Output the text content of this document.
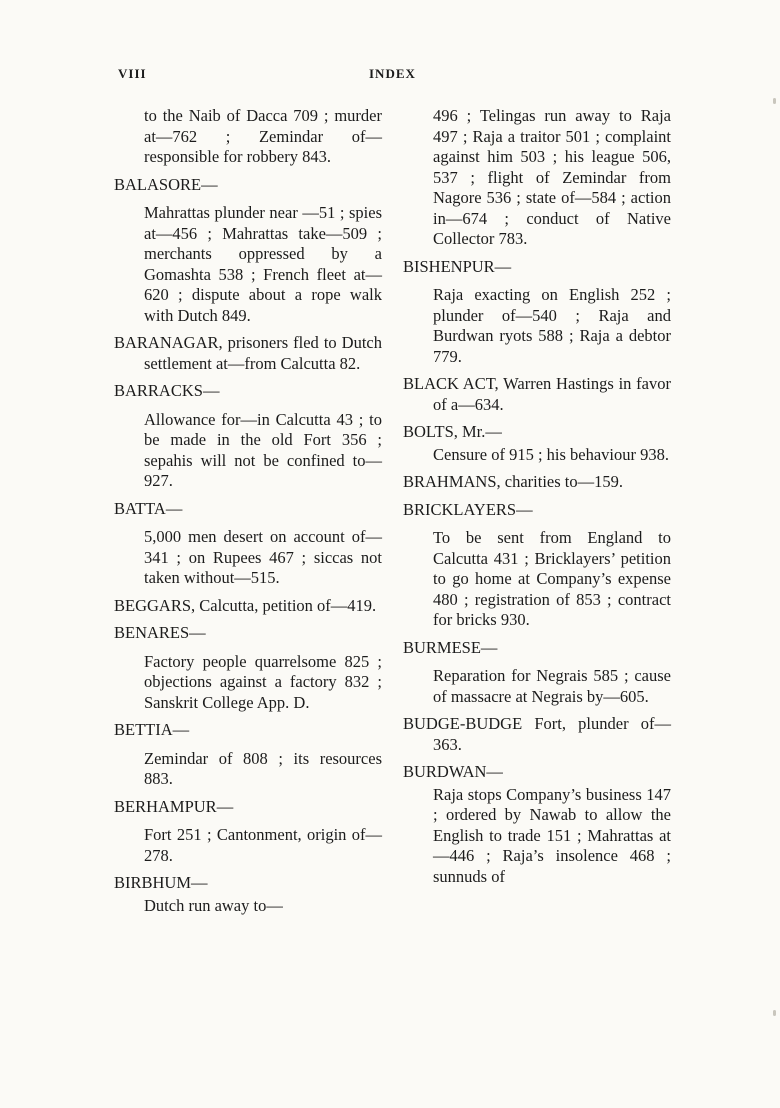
VIII	INDEX

to the Naib of Dacca 709 ; murder at—762 ; Zemindar of—responsible for robbery 843.

BALASORE—

Mahrattas plunder near —51 ; spies at—456 ; Mahrattas take—509 ; merchants oppressed by a Gomashta 538 ; French fleet at—620 ; dispute about a rope walk with Dutch 849.

BARANAGAR, prisoners fled to Dutch settlement at—from Calcutta 82.

BARRACKS—

Allowance for—in Calcutta 43 ; to be made in the old Fort 356 ; sepahis will not be confined to—927.

BATTA—

5,000 men desert on account of—341 ; on Rupees 467 ; siccas not taken without—515.

BEGGARS, Calcutta, petition of—419.

BENARES—

Factory people quarrelsome 825 ; objections against a factory 832 ; Sanskrit College App. D.

BETTIA—

Zemindar of 808 ; its resources 883.

BERHAMPUR—

Fort 251 ; Cantonment, origin of—278.

BIRBHUM—

Dutch run away to—

496 ; Telingas run away to Raja 497 ; Raja a traitor 501 ; complaint against him 503 ; his league 506, 537 ; flight of Zemindar from Nagore 536 ; state of—584 ; action in—674 ; conduct of Native Collector 783.

BISHENPUR—

Raja exacting on English 252 ; plunder of—540 ; Raja and Burdwan ryots 588 ; Raja a debtor 779.

BLACK ACT, Warren Hastings in favor of a—634.

BOLTS, Mr.—

Censure of 915 ; his behaviour 938.

BRAHMANS, charities to—159.

BRICKLAYERS—

To be sent from England to Calcutta 431 ; Bricklayers’ petition to go home at Company’s expense 480 ; registration of 853 ; contract for bricks 930.

BURMESE—

Reparation for Negrais 585 ; cause of massacre at Negrais by—605.

BUDGE-BUDGE Fort, plunder of—363.

BURDWAN—

Raja stops Company’s business 147 ; ordered by Nawab to allow the English to trade 151 ; Mahrattas at—446 ; Raja’s insolence 468 ; sunnuds of
